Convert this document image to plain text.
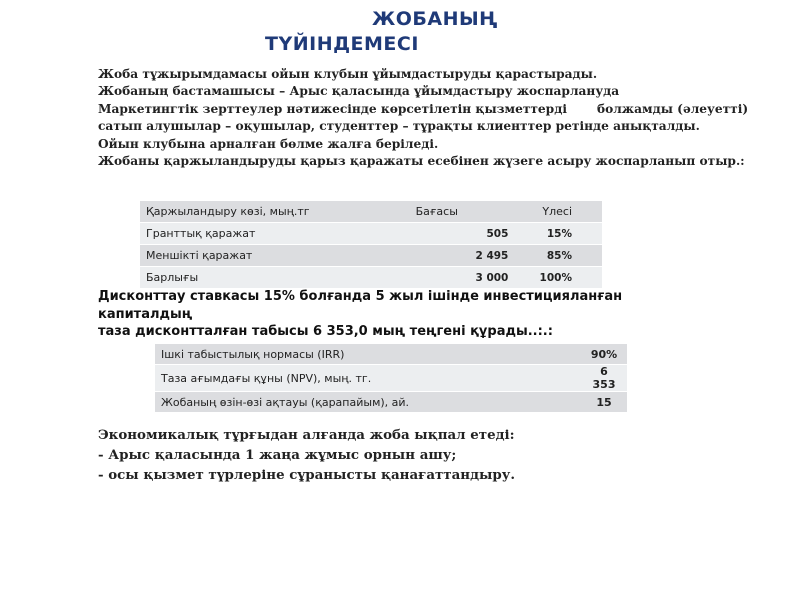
ЖОБАНЫҢ
ТҮЙІНДЕМЕСІ
Жоба тұжырымдамасы ойын клубын ұйымдастыруды қарастырады.
Жобаның бастамашысы – Арыс қаласында ұйымдастыру жоспарлануда
Маркетингтік зерттеулер нәтижесінде көрсетілетін қызметтерді болжамды (әлеуетті)
сатып алушылар – оқушылар, студенттер – тұрақты клиенттер ретінде анықталды.
Ойын клубына арналған бөлме жалға беріледі.
Жобаны қаржыландыруды қарыз қаражаты есебінен жүзеге асыру жоспарланып отыр.:
Қаржыландыру көзі, мың.тг	Бағасы	Үлесі
Гранттық қаражат	505	15%
Меншікті қаражат	2 495	85%
Барлығы	3 000	100%
Дисконттау ставкасы 15% болғанда 5 жыл ішінде инвестицияланған
капиталдың
таза дисконтталған табысы 6 353,0 мың теңгені құрады..:.:
Ішкі табыстылық нормасы (IRR)	90%
Таза ағымдағы құны (NPV), мың. тг.	6 353
Жобаның өзін-өзі ақтауы (қарапайым), ай.	15
Экономикалық тұрғыдан алғанда жоба ықпал етеді:
- Арыс қаласында 1 жаңа жұмыс орнын ашу;
- осы қызмет түрлеріне сұранысты қанағаттандыру.
